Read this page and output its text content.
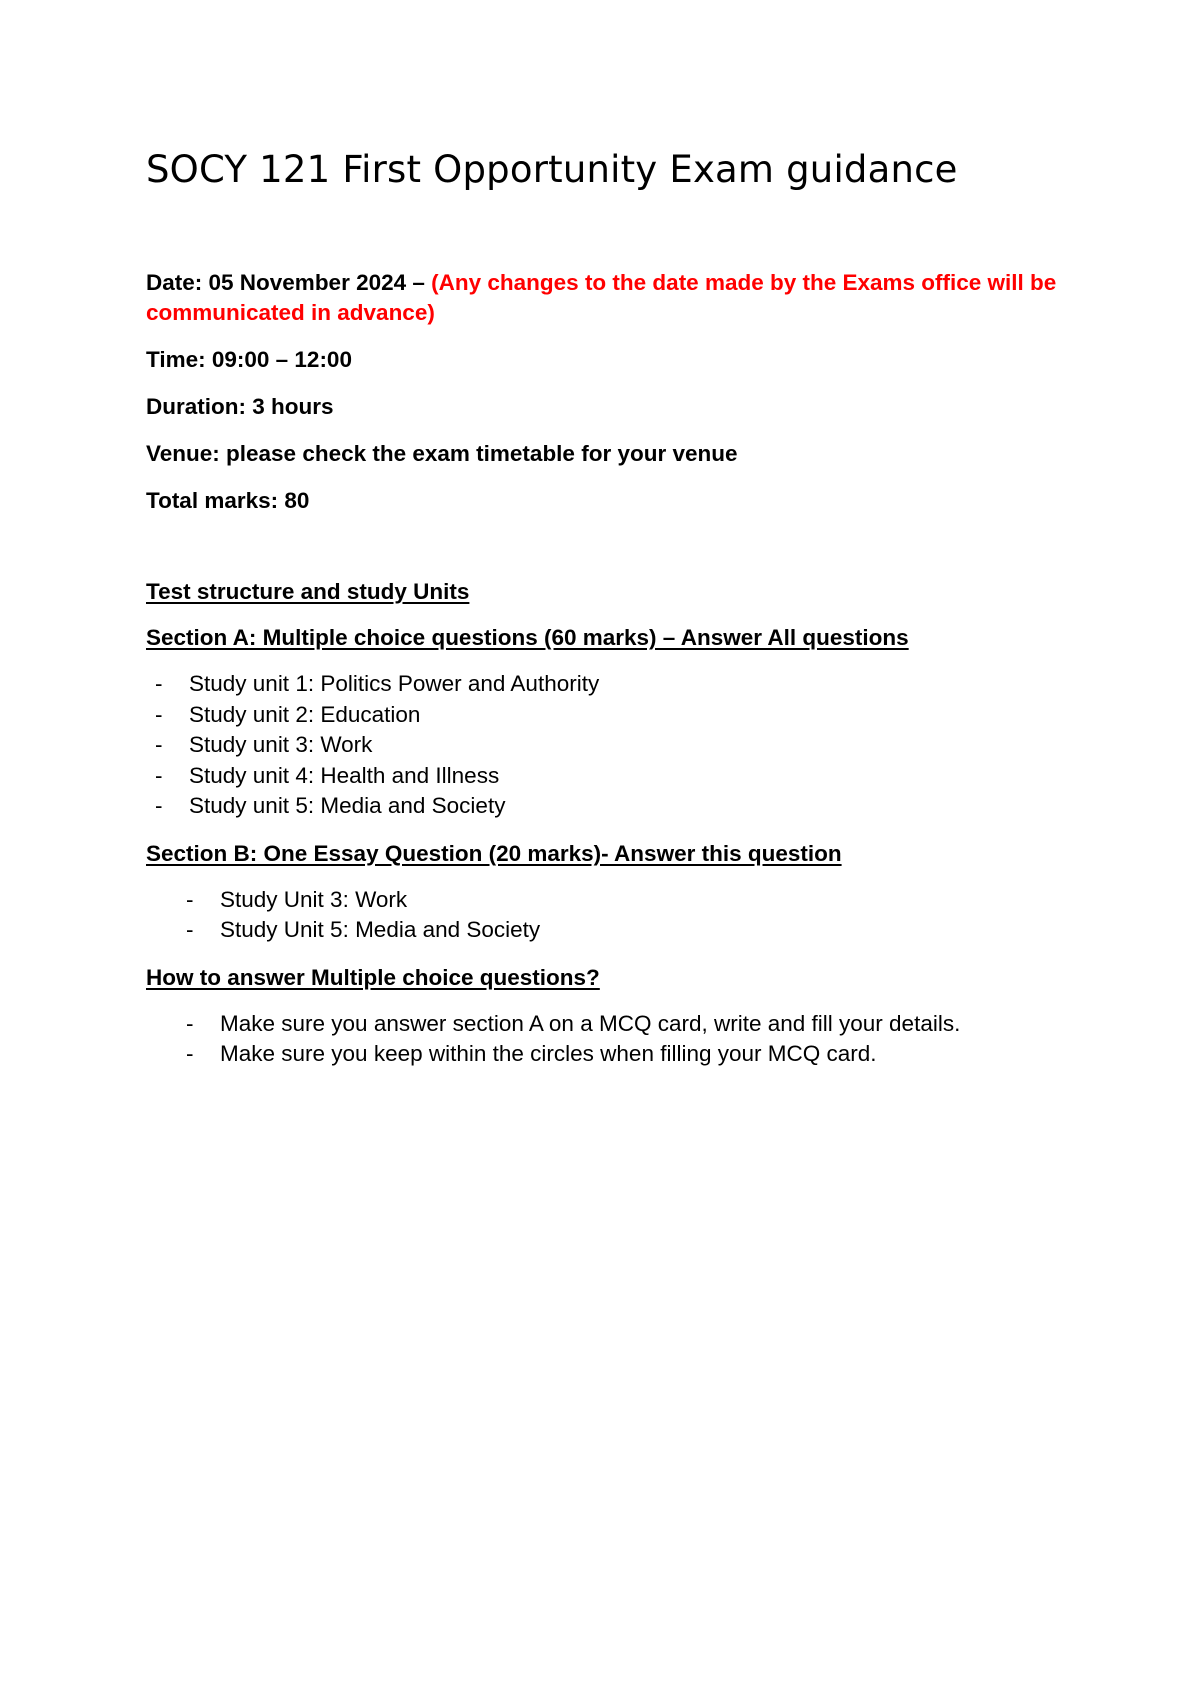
SOCY 121 First Opportunity Exam guidance

Date: 05 November 2024 – (Any changes to the date made by the Exams office will be communicated in advance)

Time: 09:00 – 12:00

Duration: 3 hours

Venue: please check the exam timetable for your venue

Total marks: 80

Test structure and study Units

Section A: Multiple choice questions (60 marks) – Answer All questions

- Study unit 1: Politics Power and Authority
- Study unit 2: Education
- Study unit 3: Work
- Study unit 4: Health and Illness
- Study unit 5: Media and Society

Section B: One Essay Question (20 marks)- Answer this question

- Study Unit 3: Work
- Study Unit 5: Media and Society

How to answer Multiple choice questions?

- Make sure you answer section A on a MCQ card, write and fill your details.
- Make sure you keep within the circles when filling your MCQ card.
